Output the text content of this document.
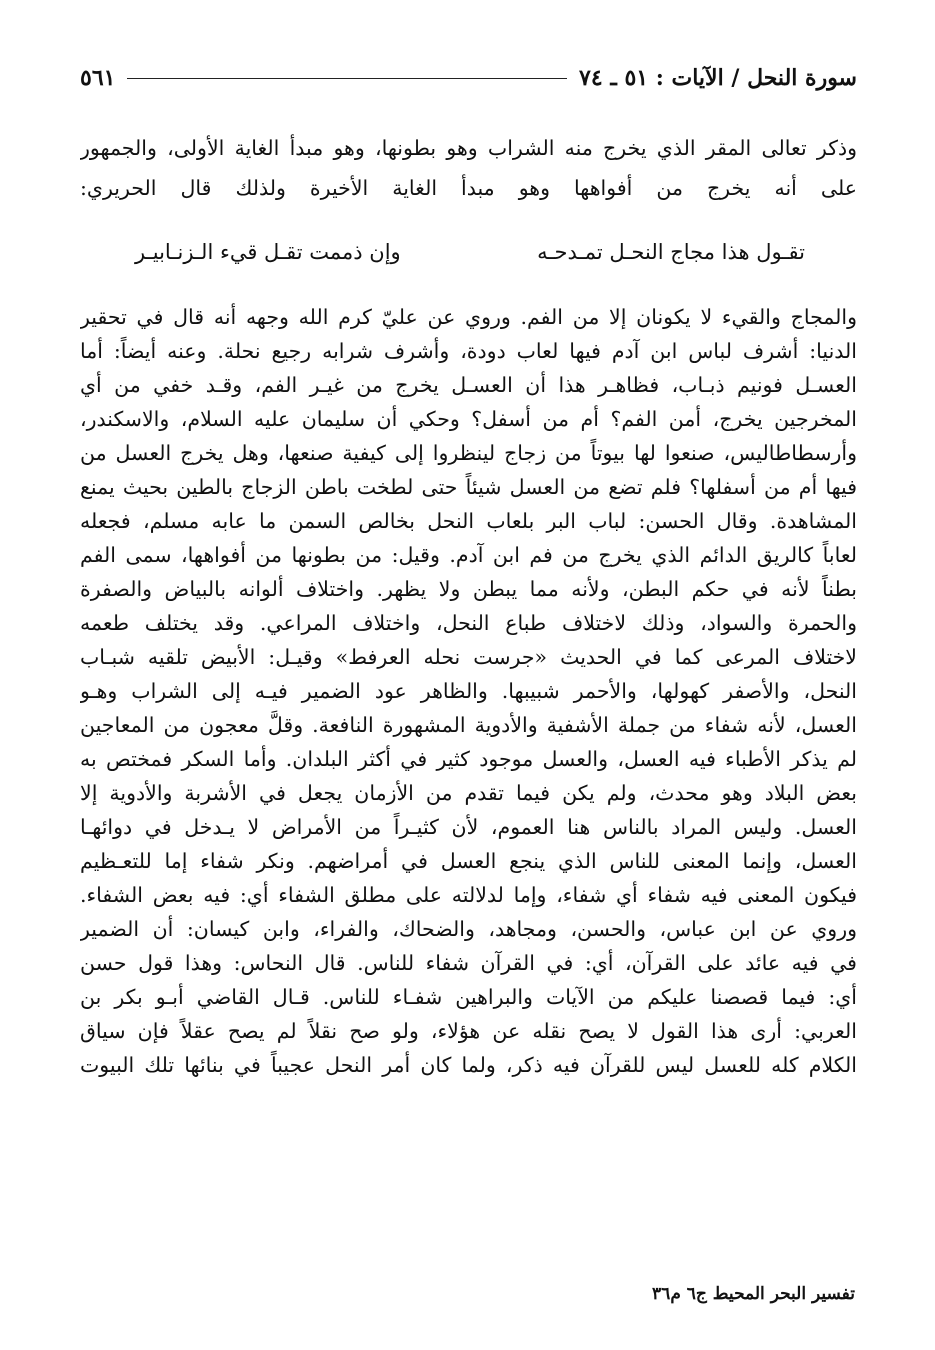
سورة النحل / الآيات : ٥١ ـ ٧٤
٥٦١
وذكر تعالى المقر الذي يخرج منه الشراب وهو بطونها، وهو مبدأ الغاية الأولى، والجمهور
على أنه يخرج من أفواهها وهو مبدأ الغاية الأخيرة ولذلك قال الحريري:
تقـول هذا مجاج النحـل تمـدحـه
وإن ذممت تقـل قيء الـزنـابيـر
والمجاج والقيء لا يكونان إلا من الفم. وروي عن عليّ كرم الله وجهه أنه قال في تحقير
الدنيا: أشرف لباس ابن آدم فيها لعاب دودة، وأشرف شرابه رجيع نحلة. وعنه أيضاً: أما
العسـل فونيم ذبـاب، فظاهـر هذا أن العسـل يخرج من غيـر الفم، وقـد خفي من أي
المخرجين يخرج، أمن الفم؟ أم من أسفل؟ وحكي أن سليمان عليه السلام، والاسكندر،
وأرسطاطاليس، صنعوا لها بيوتاً من زجاج لينظروا إلى كيفية صنعها، وهل يخرج العسل من
فيها أم من أسفلها؟ فلم تضع من العسل شيئاً حتى لطخت باطن الزجاج بالطين بحيث يمنع
المشاهدة. وقال الحسن: لباب البر بلعاب النحل بخالص السمن ما عابه مسلم، فجعله
لعاباً كالريق الدائم الذي يخرج من فم ابن آدم. وقيل: من بطونها من أفواهها، سمى الفم
بطناً لأنه في حكم البطن، ولأنه مما يبطن ولا يظهر. واختلاف ألوانه بالبياض والصفرة
والحمرة والسواد، وذلك لاختلاف طباع النحل، واختلاف المراعي. وقد يختلف طعمه
لاختلاف المرعى كما في الحديث «جرست نحله العرفط» وقيـل: الأبيض تلقيه شبـاب
النحل، والأصفر كهولها، والأحمر شبيبها. والظاهر عود الضمير فيـه إلى الشراب وهـو
العسل، لأنه شفاء من جملة الأشفية والأدوية المشهورة النافعة. وقلَّ معجون من المعاجين
لم يذكر الأطباء فيه العسل، والعسل موجود كثير في أكثر البلدان. وأما السكر فمختص به
بعض البلاد وهو محدث، ولم يكن فيما تقدم من الأزمان يجعل في الأشربة والأدوية إلا
العسل. وليس المراد بالناس هنا العموم، لأن كثيـراً من الأمراض لا يـدخل في دوائهـا
العسل، وإنما المعنى للناس الذي ينجع العسل في أمراضهم. ونكر شفاء إما للتعـظيم
فيكون المعنى فيه شفاء أي شفاء، وإما لدلالته على مطلق الشفاء أي: فيه بعض الشفاء.
وروي عن ابن عباس، والحسن، ومجاهد، والضحاك، والفراء، وابن كيسان: أن الضمير
في فيه عائد على القرآن، أي: في القرآن شفاء للناس. قال النحاس: وهذا قول حسن
أي: فيما قصصنا عليكم من الآيات والبراهين شفـاء للناس. قـال القاضي أبـو بكر بن
العربي: أرى هذا القول لا يصح نقله عن هؤلاء، ولو صح نقلاً لم يصح عقلاً فإن سياق
الكلام كله للعسل ليس للقرآن فيه ذكر، ولما كان أمر النحل عجيباً في بنائها تلك البيوت
تفسير البحر المحيط ج٦ م٣٦
